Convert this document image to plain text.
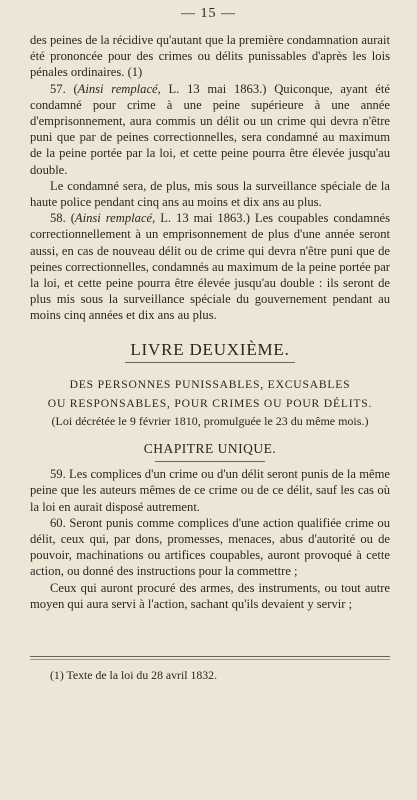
— 15 —

des peines de la récidive qu'autant que la première condamnation aurait été prononcée pour des crimes ou délits punissables d'après les lois pénales ordinaires. (1)

57. (Ainsi remplacé, L. 13 mai 1863.) Quiconque, ayant été condamné pour crime à une peine supérieure à une année d'emprisonnement, aura commis un délit ou un crime qui devra n'être puni que par de peines correctionnelles, sera condamné au maximum de la peine portée par la loi, et cette peine pourra être élevée jusqu'au double.

Le condamné sera, de plus, mis sous la surveillance spéciale de la haute police pendant cinq ans au moins et dix ans au plus.

58. (Ainsi remplacé, L. 13 mai 1863.) Les coupables condamnés correctionnellement à un emprisonnement de plus d'une année seront aussi, en cas de nouveau délit ou de crime qui devra n'être puni que de peines correctionnelles, condamnés au maximum de la peine portée par la loi, et cette peine pourra être élevée jusqu'au double : ils seront de plus mis sous la surveillance spéciale du gouvernement pendant au moins cinq années et dix ans au plus.

LIVRE DEUXIÈME.
DES PERSONNES PUNISSABLES, EXCUSABLES
OU RESPONSABLES, POUR CRIMES OU POUR DÉLITS.
(Loi décrétée le 9 février 1810, promulguée le 23 du même mois.)
CHAPITRE UNIQUE.

59. Les complices d'un crime ou d'un délit seront punis de la même peine que les auteurs mêmes de ce crime ou de ce délit, sauf les cas où la loi en aurait disposé autrement.

60. Seront punis comme complices d'une action qualifiée crime ou délit, ceux qui, par dons, promesses, menaces, abus d'autorité ou de pouvoir, machinations ou artifices coupables, auront provoqué à cette action, ou donné des instructions pour la commettre ;

Ceux qui auront procuré des armes, des instruments, ou tout autre moyen qui aura servi à l'action, sachant qu'ils devaient y servir ;

(1) Texte de la loi du 28 avril 1832.
